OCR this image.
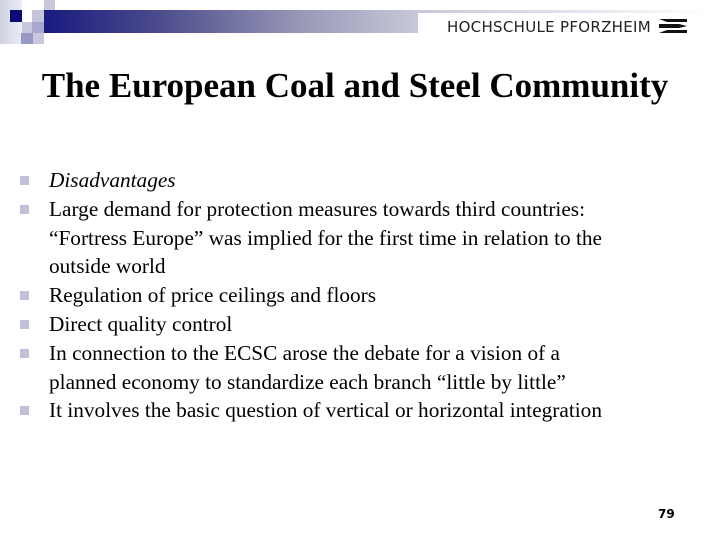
HOCHSCHULE PFORZHEIM
The European Coal and Steel Community
Disadvantages
Large demand for protection measures towards third countries:
“Fortress Europe” was implied for the first time in relation to the
outside world
Regulation of price ceilings and floors
Direct quality control
In connection to the ECSC arose the debate for a vision of a
planned economy to standardize each branch “little by little”
It involves the basic question of vertical or horizontal integration
79
